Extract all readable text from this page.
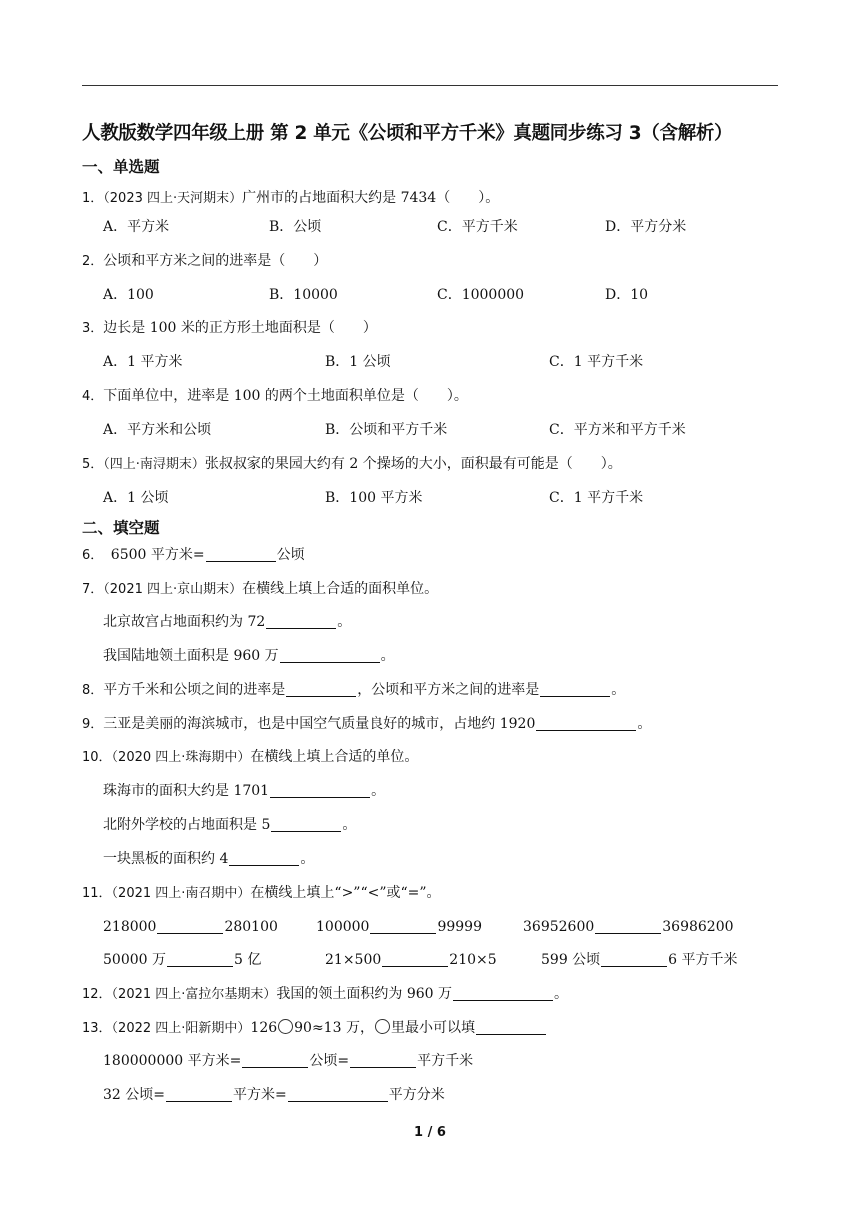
人教版数学四年级上册 第 2 单元《公顷和平方千米》真题同步练习 3（含解析）
一、单选题
1．（2023 四上·天河期末）广州市的占地面积大约是 7434（　　）。
A．平方米	B．公顷	C．平方千米	D．平方分米
2．公顷和平方米之间的进率是（　　）
A．100	B．10000	C．1000000	D．10
3．边长是 100 米的正方形土地面积是（　　）
A．1 平方米	B．1 公顷	C．1 平方千米
4．下面单位中，进率是 100 的两个土地面积单位是（　　）。
A．平方米和公顷	B．公顷和平方千米	C．平方米和平方千米
5．（四上·南浔期末）张叔叔家的果园大约有 2 个操场的大小，面积最有可能是（　　）。
A．1 公顷	B．100 平方米	C．1 平方千米
二、填空题
6．　6500 平方米=	公顷
7．（2021 四上·京山期末）在横线上填上合适的面积单位。
北京故宫占地面积约为 72	。
我国陆地领土面积是 960 万	。
8．平方千米和公顷之间的进率是	，公顷和平方米之间的进率是	。
9．三亚是美丽的海滨城市，也是中国空气质量良好的城市，占地约 1920	。
10．（2020 四上·珠海期中）在横线上填上合适的单位。
珠海市的面积大约是 1701	。
北附外学校的占地面积是 5	。
一块黑板的面积约 4	。
11．（2021 四上·南召期中）在横线上填上“>”“<”或“=”。
218000	280100	100000	99999	36952600	36986200
50000 万	5 亿	21×500	210×5	599 公顷	6 平方千米
12．（2021 四上·富拉尔基期末）我国的领土面积约为 960 万	。
13．（2022 四上·阳新期中）126 90≈13 万， 里最小可以填
180000000 平方米=	公顷=	平方千米
32 公顷=	平方米=	平方分米
1 / 6
